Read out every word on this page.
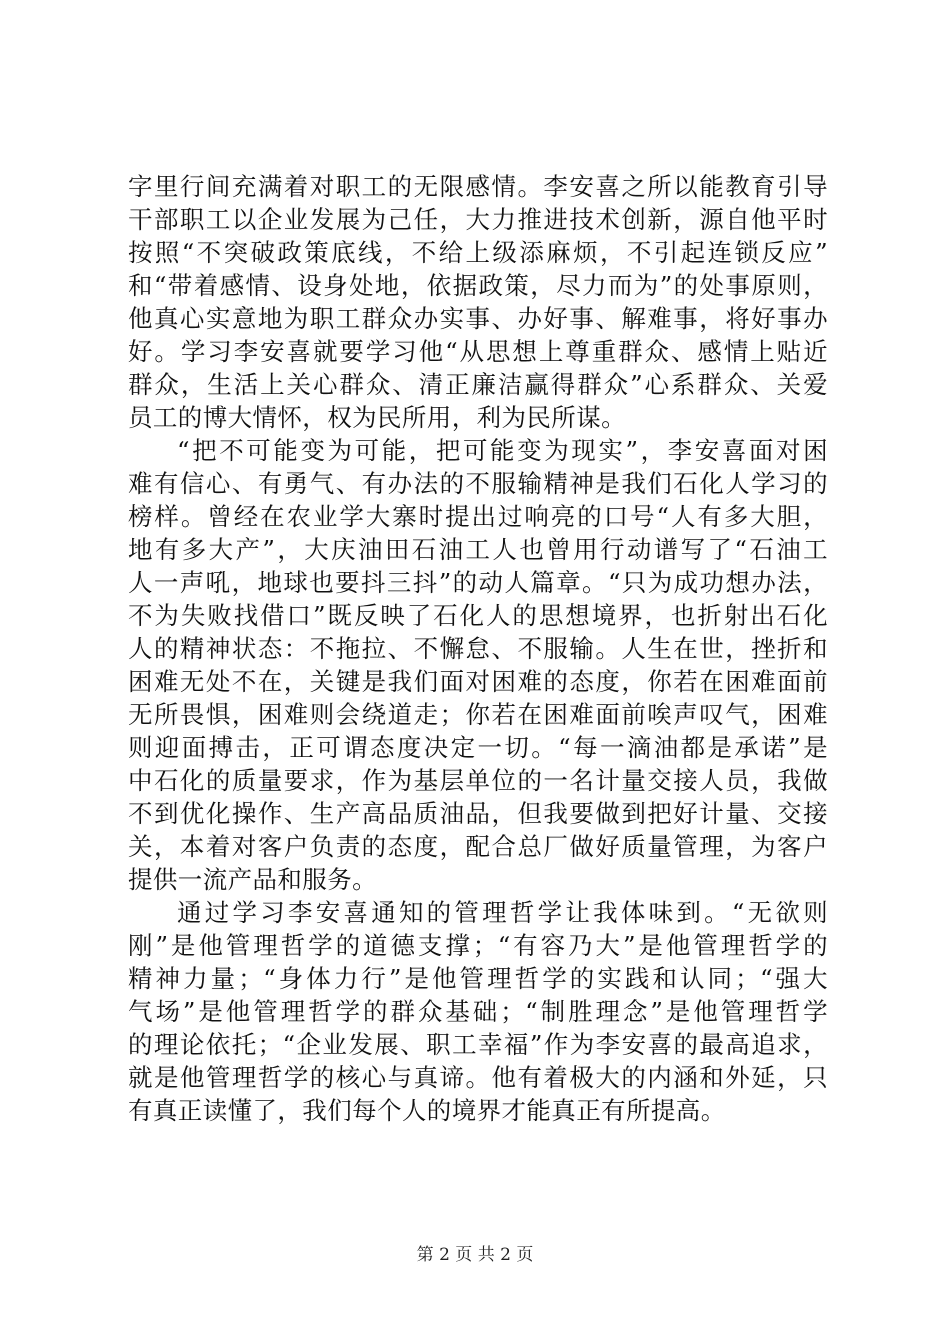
字里行间充满着对职工的无限感情。李安喜之所以能教育引导
干部职工以企业发展为己任，大力推进技术创新，源自他平时
按照“不突破政策底线，不给上级添麻烦，不引起连锁反应”
和“带着感情、设身处地，依据政策，尽力而为”的处事原则，
他真心实意地为职工群众办实事、办好事、解难事，将好事办
好。学习李安喜就要学习他“从思想上尊重群众、感情上贴近
群众，生活上关心群众、清正廉洁赢得群众”心系群众、关爱
员工的博大情怀，权为民所用，利为民所谋。
“把不可能变为可能，把可能变为现实”，李安喜面对困
难有信心、有勇气、有办法的不服输精神是我们石化人学习的
榜样。曾经在农业学大寨时提出过响亮的口号“人有多大胆，
地有多大产”，大庆油田石油工人也曾用行动谱写了“石油工
人一声吼，地球也要抖三抖”的动人篇章。“只为成功想办法，
不为失败找借口”既反映了石化人的思想境界，也折射出石化
人的精神状态：不拖拉、不懈怠、不服输。人生在世，挫折和
困难无处不在，关键是我们面对困难的态度，你若在困难面前
无所畏惧，困难则会绕道走；你若在困难面前唉声叹气，困难
则迎面搏击，正可谓态度决定一切。“每一滴油都是承诺”是
中石化的质量要求，作为基层单位的一名计量交接人员，我做
不到优化操作、生产高品质油品，但我要做到把好计量、交接
关，本着对客户负责的态度，配合总厂做好质量管理，为客户
提供一流产品和服务。
通过学习李安喜通知的管理哲学让我体味到。“无欲则
刚”是他管理哲学的道德支撑；“有容乃大”是他管理哲学的
精神力量；“身体力行”是他管理哲学的实践和认同；“强大
气场”是他管理哲学的群众基础；“制胜理念”是他管理哲学
的理论依托；“企业发展、职工幸福”作为李安喜的最高追求，
就是他管理哲学的核心与真谛。他有着极大的内涵和外延，只
有真正读懂了，我们每个人的境界才能真正有所提高。
第 2 页 共 2 页
